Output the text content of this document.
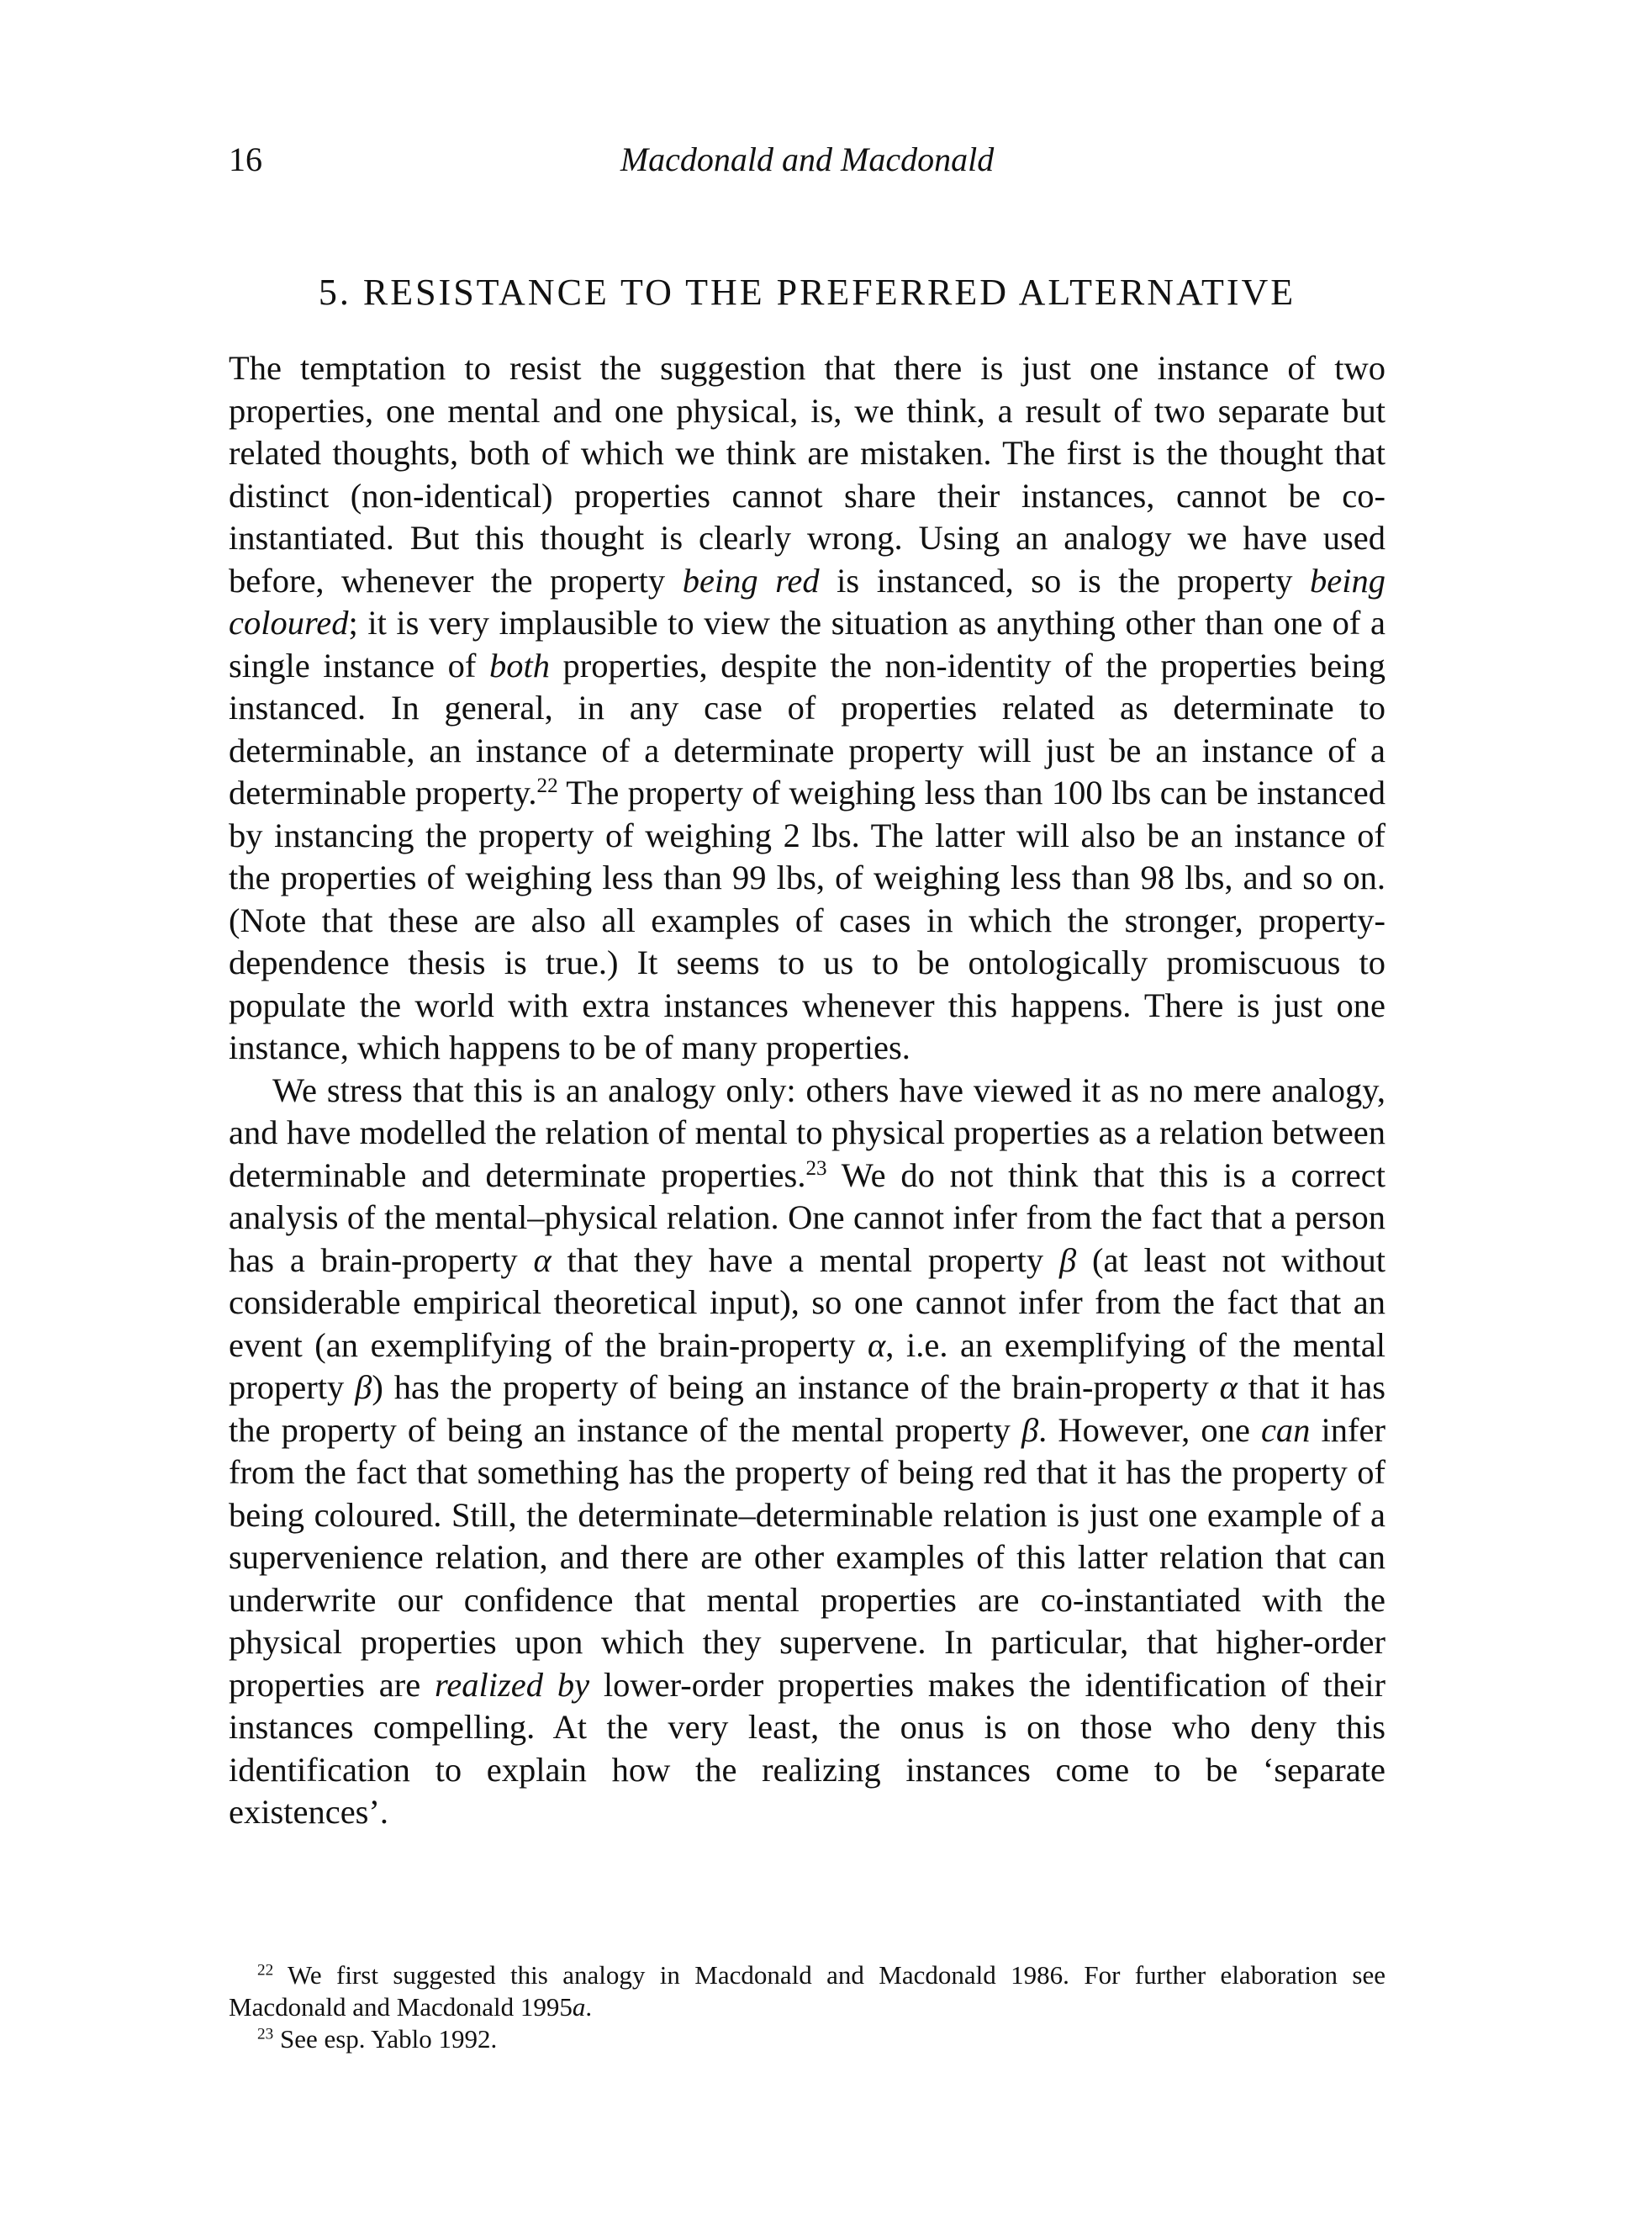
16	Macdonald and Macdonald
5. RESISTANCE TO THE PREFERRED ALTERNATIVE

The temptation to resist the suggestion that there is just one instance of two properties, one mental and one physical, is, we think, a result of two separate but related thoughts, both of which we think are mistaken. The first is the thought that distinct (non-identical) properties cannot share their instances, cannot be co-instantiated. But this thought is clearly wrong. Using an analogy we have used before, whenever the property being red is instanced, so is the property being coloured; it is very implausible to view the situation as anything other than one of a single instance of both properties, despite the non-identity of the properties being instanced. In general, in any case of properties related as determinate to determinable, an instance of a determinate property will just be an instance of a determinable property.$^{22}$ The property of weighing less than 100 lbs can be instanced by instancing the property of weighing 2 lbs. The latter will also be an instance of the properties of weighing less than 99 lbs, of weighing less than 98 lbs, and so on. (Note that these are also all examples of cases in which the stronger, property-dependence thesis is true.) It seems to us to be ontologically promiscuous to populate the world with extra instances whenever this happens. There is just one instance, which happens to be of many properties.

We stress that this is an analogy only: others have viewed it as no mere analogy, and have modelled the relation of mental to physical properties as a relation between determinable and determinate properties.$^{23}$ We do not think that this is a correct analysis of the mental–physical relation. One cannot infer from the fact that a person has a brain-property α that they have a mental property β (at least not without considerable empirical theoretical input), so one cannot infer from the fact that an event (an exemplifying of the brain-property α, i.e. an exemplifying of the mental property β) has the property of being an instance of the brain-property α that it has the property of being an instance of the mental property β. However, one can infer from the fact that something has the property of being red that it has the property of being coloured. Still, the determinate–determinable relation is just one example of a supervenience relation, and there are other examples of this latter relation that can underwrite our confidence that mental properties are co-instantiated with the physical properties upon which they supervene. In particular, that higher-order properties are realized by lower-order properties makes the identification of their instances compelling. At the very least, the onus is on those who deny this identification to explain how the realizing instances come to be ‘separate existences’.

$^{22}$ We first suggested this analogy in Macdonald and Macdonald 1986. For further elaboration see Macdonald and Macdonald 1995a.

$^{23}$ See esp. Yablo 1992.
